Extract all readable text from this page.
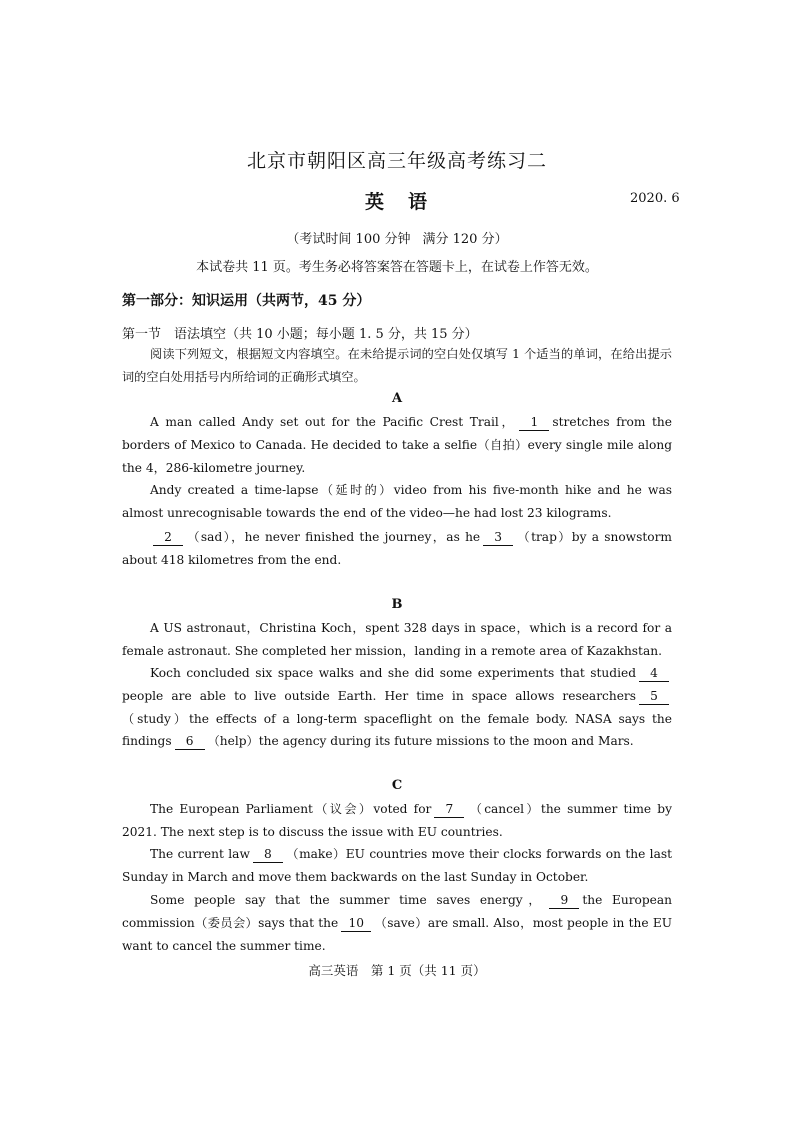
北京市朝阳区高三年级高考练习二
英 语	2020. 6
（考试时间 100 分钟 满分 120 分）
本试卷共 11 页。考生务必将答案答在答题卡上，在试卷上作答无效。
第一部分：知识运用（共两节，45 分）
第一节　语法填空（共 10 小题；每小题 1. 5 分，共 15 分）
阅读下列短文，根据短文内容填空。在未给提示词的空白处仅填写 1 个适当的单词，在给出提示词的空白处用括号内所给词的正确形式填空。
A
A man called Andy set out for the Pacific Crest Trail， 1 stretches from the borders of Mexico to Canada. He decided to take a selfie（自拍）every single mile along the 4，286-kilometre journey.
Andy created a time-lapse（延时的）video from his five-month hike and he was almost unrecognisable towards the end of the video—he had lost 23 kilograms.
2 （sad），he never finished the journey，as he 3 （trap）by a snowstorm about 418 kilometres from the end.
B
A US astronaut，Christina Koch，spent 328 days in space，which is a record for a female astronaut. She completed her mission，landing in a remote area of Kazakhstan.
Koch concluded six space walks and she did some experiments that studied 4people are able to live outside Earth. Her time in space allows researchers 5（study）the effects of a long-term spaceflight on the female body. NASA says the findings 6 （help）the agency during its future missions to the moon and Mars.
C
The European Parliament（议会）voted for 7 （cancel）the summer time by 2021. The next step is to discuss the issue with EU countries.
The current law 8 （make）EU countries move their clocks forwards on the last Sunday in March and move them backwards on the last Sunday in October.
Some people say that the summer time saves energy， 9 the European commission（委员会）says that the 10 （save）are small. Also，most people in the EU want to cancel the summer time.
高三英语　第 1 页（共 11 页）
